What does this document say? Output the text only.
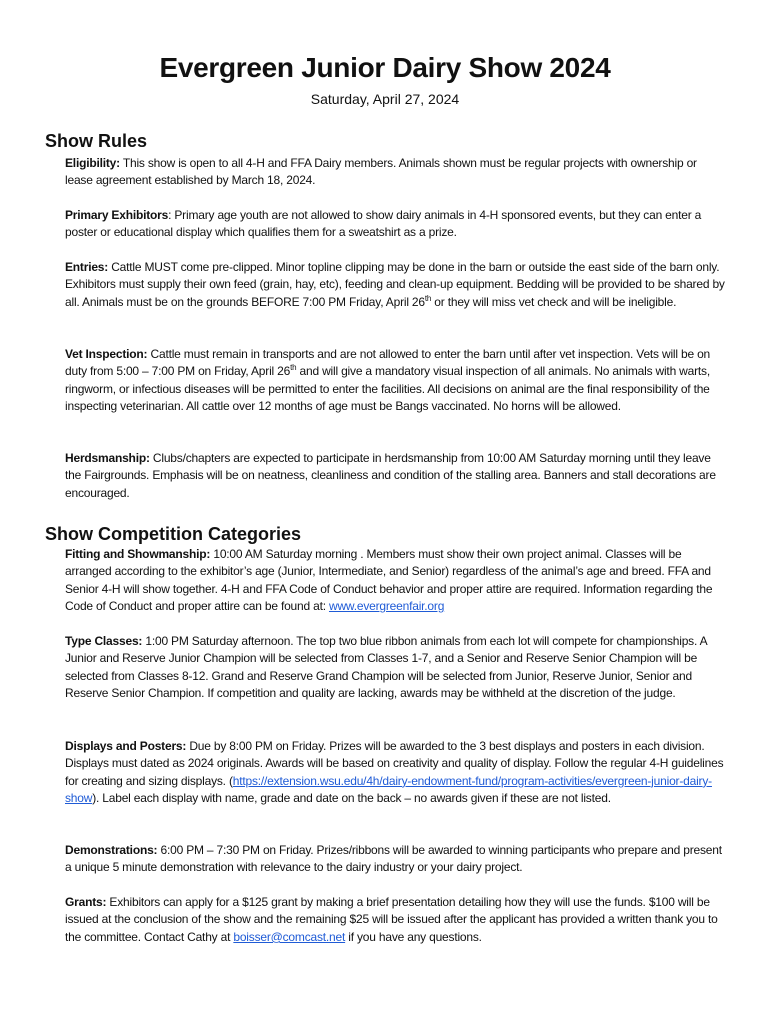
Evergreen Junior Dairy Show 2024
Saturday, April 27, 2024
Show Rules
Eligibility: This show is open to all 4-H and FFA Dairy members. Animals shown must be regular projects with ownership or lease agreement established by March 18, 2024.
Primary Exhibitors: Primary age youth are not allowed to show dairy animals in 4-H sponsored events, but they can enter a poster or educational display which qualifies them for a sweatshirt as a prize.
Entries: Cattle MUST come pre-clipped. Minor topline clipping may be done in the barn or outside the east side of the barn only. Exhibitors must supply their own feed (grain, hay, etc), feeding and clean-up equipment. Bedding will be provided to be shared by all. Animals must be on the grounds BEFORE 7:00 PM Friday, April 26th or they will miss vet check and will be ineligible.
Vet Inspection: Cattle must remain in transports and are not allowed to enter the barn until after vet inspection. Vets will be on duty from 5:00 – 7:00 PM on Friday, April 26th and will give a mandatory visual inspection of all animals. No animals with warts, ringworm, or infectious diseases will be permitted to enter the facilities. All decisions on animal are the final responsibility of the inspecting veterinarian. All cattle over 12 months of age must be Bangs vaccinated. No horns will be allowed.
Herdsmanship: Clubs/chapters are expected to participate in herdsmanship from 10:00 AM Saturday morning until they leave the Fairgrounds. Emphasis will be on neatness, cleanliness and condition of the stalling area. Banners and stall decorations are encouraged.
Show Competition Categories
Fitting and Showmanship: 10:00 AM Saturday morning . Members must show their own project animal. Classes will be arranged according to the exhibitor’s age (Junior, Intermediate, and Senior) regardless of the animal’s age and breed. FFA and Senior 4-H will show together. 4-H and FFA Code of Conduct behavior and proper attire are required. Information regarding the Code of Conduct and proper attire can be found at: www.evergreenfair.org
Type Classes: 1:00 PM Saturday afternoon. The top two blue ribbon animals from each lot will compete for championships. A Junior and Reserve Junior Champion will be selected from Classes 1-7, and a Senior and Reserve Senior Champion will be selected from Classes 8-12. Grand and Reserve Grand Champion will be selected from Junior, Reserve Junior, Senior and Reserve Senior Champion. If competition and quality are lacking, awards may be withheld at the discretion of the judge.
Displays and Posters: Due by 8:00 PM on Friday. Prizes will be awarded to the 3 best displays and posters in each division. Displays must dated as 2024 originals. Awards will be based on creativity and quality of display. Follow the regular 4-H guidelines for creating and sizing displays. (https://extension.wsu.edu/4h/dairy-endowment-fund/program-activities/evergreen-junior-dairy-show). Label each display with name, grade and date on the back – no awards given if these are not listed.
Demonstrations: 6:00 PM – 7:30 PM on Friday. Prizes/ribbons will be awarded to winning participants who prepare and present a unique 5 minute demonstration with relevance to the dairy industry or your dairy project.
Grants: Exhibitors can apply for a $125 grant by making a brief presentation detailing how they will use the funds. $100 will be issued at the conclusion of the show and the remaining $25 will be issued after the applicant has provided a written thank you to the committee. Contact Cathy at boisser@comcast.net if you have any questions.
